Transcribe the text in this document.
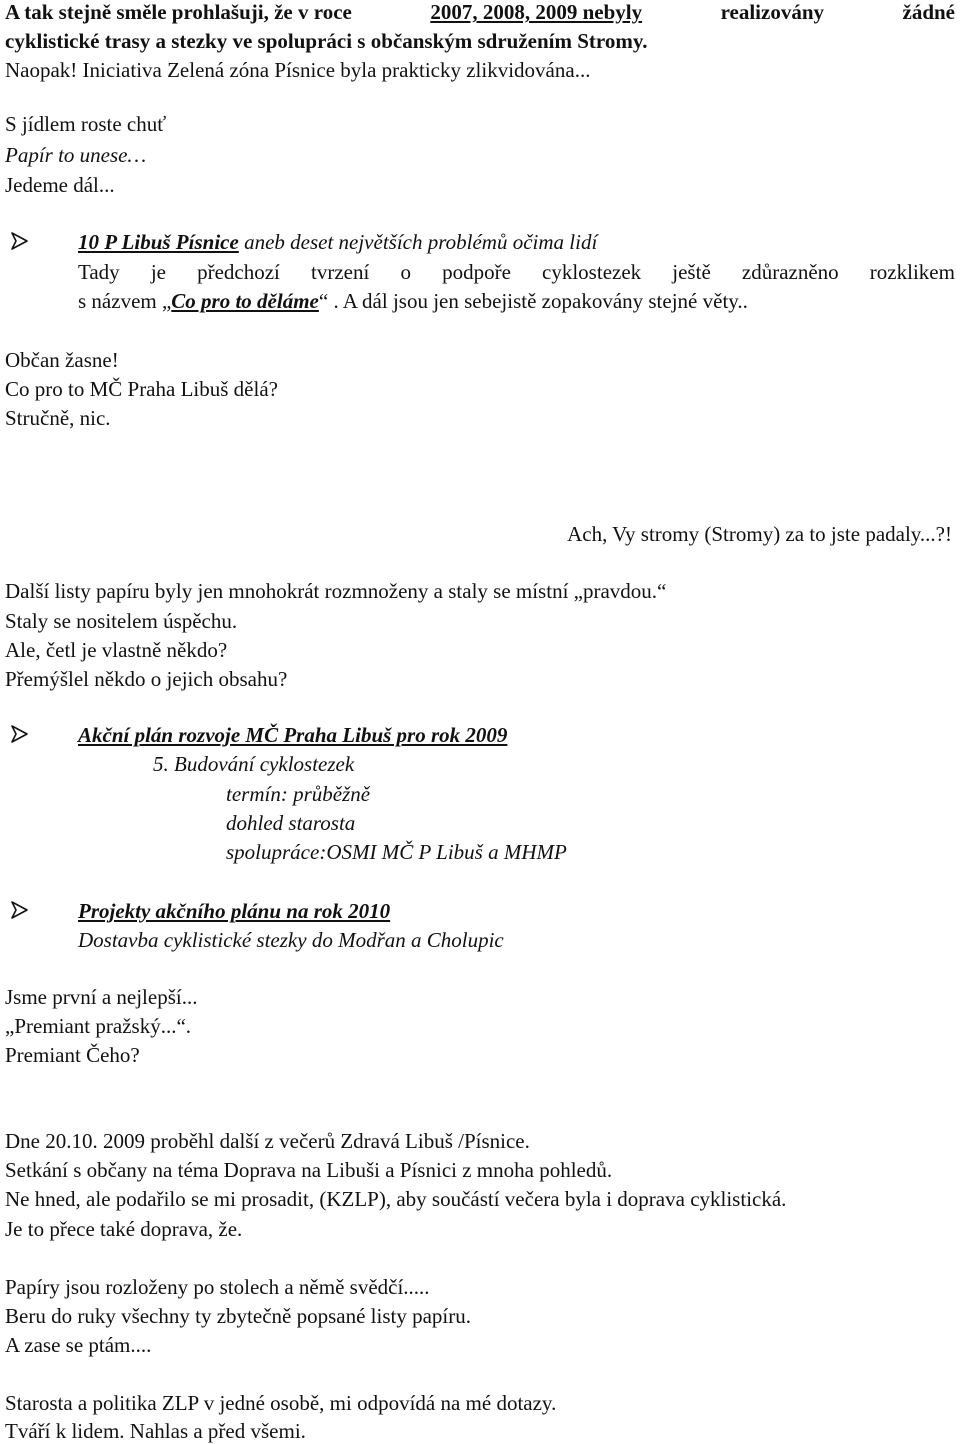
A tak stejně směle prohlašuji, že v roce	2007, 2008, 2009 nebyly	realizovány	žádné
cyklistické trasy a stezky ve spolupráci s občanským sdružením Stromy.
Naopak! Iniciativa Zelená zóna Písnice byla prakticky zlikvidována...
S jídlem roste chuť
Papír to unese…
Jedeme dál...
10 P Libuš Písnice aneb deset největších problémů očima lidí
Tady je předchozí tvrzení o podpoře cyklostezek ještě zdůrazněno rozklikem
s názvem „Co pro to děláme“ . A dál jsou jen sebejistě zopakovány stejné věty..
Občan žasne!
Co pro to MČ Praha Libuš dělá?
Stručně, nic.
Ach, Vy stromy (Stromy) za to jste padaly...?!
Další listy papíru byly jen mnohokrát rozmnoženy a staly se místní „pravdou.“
Staly se nositelem úspěchu.
Ale, četl je vlastně někdo?
Přemýšlel někdo o jejich obsahu?
Akční plán rozvoje MČ Praha Libuš pro rok 2009
5. Budování cyklostezek
termín: průběžně
dohled starosta
spolupráce:OSMI MČ P Libuš a MHMP
Projekty akčního plánu na rok 2010
Dostavba cyklistické stezky do Modřan a Cholupic
Jsme první a nejlepší...
„Premiant pražský...“.
Premiant Čeho?
Dne 20.10. 2009 proběhl další z večerů Zdravá Libuš /Písnice.
Setkání s občany na téma Doprava na Libuši a Písnici z mnoha pohledů.
Ne hned, ale podařilo se mi prosadit, (KZLP), aby součástí večera byla i doprava cyklistická.
Je to přece také doprava, že.
Papíry jsou rozloženy po stolech a němě svědčí.....
Beru do ruky všechny ty zbytečně popsané listy papíru.
A zase se ptám....
Starosta a politika ZLP v jedné osobě, mi odpovídá na mé dotazy.
Tváří k lidem. Nahlas a před všemi.
